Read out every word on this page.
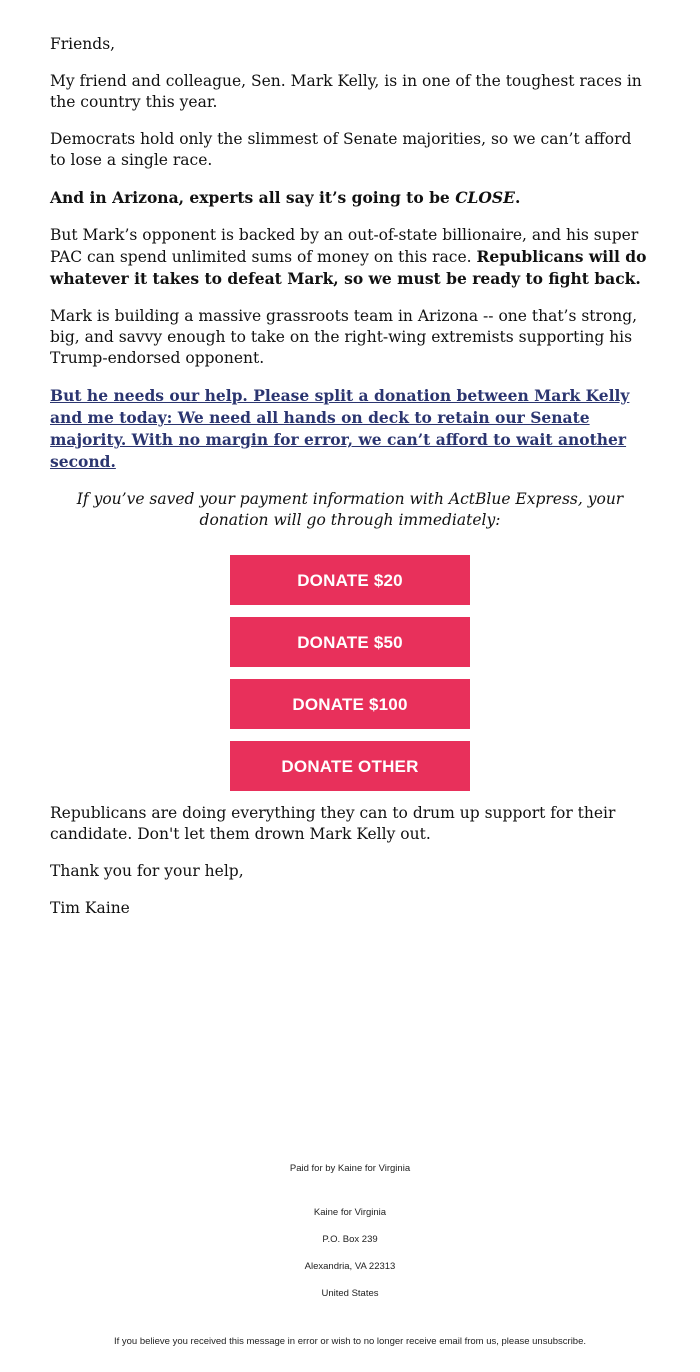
Friends,

My friend and colleague, Sen. Mark Kelly, is in one of the toughest races in the country this year.

Democrats hold only the slimmest of Senate majorities, so we can’t afford to lose a single race.

And in Arizona, experts all say it’s going to be CLOSE.

But Mark’s opponent is backed by an out-of-state billionaire, and his super PAC can spend unlimited sums of money on this race. Republicans will do whatever it takes to defeat Mark, so we must be ready to fight back.

Mark is building a massive grassroots team in Arizona -- one that’s strong, big, and savvy enough to take on the right-wing extremists supporting his Trump-endorsed opponent.

But he needs our help. Please split a donation between Mark Kelly and me today: We need all hands on deck to retain our Senate majority. With no margin for error, we can’t afford to wait another second.

If you’ve saved your payment information with ActBlue Express, your donation will go through immediately:

DONATE $20
DONATE $50
DONATE $100
DONATE OTHER

Republicans are doing everything they can to drum up support for their candidate. Don't let them drown Mark Kelly out.

Thank you for your help,

Tim Kaine

Paid for by Kaine for Virginia
Kaine for Virginia
P.O. Box 239
Alexandria, VA 22313
United States
If you believe you received this message in error or wish to no longer receive email from us, please unsubscribe.
